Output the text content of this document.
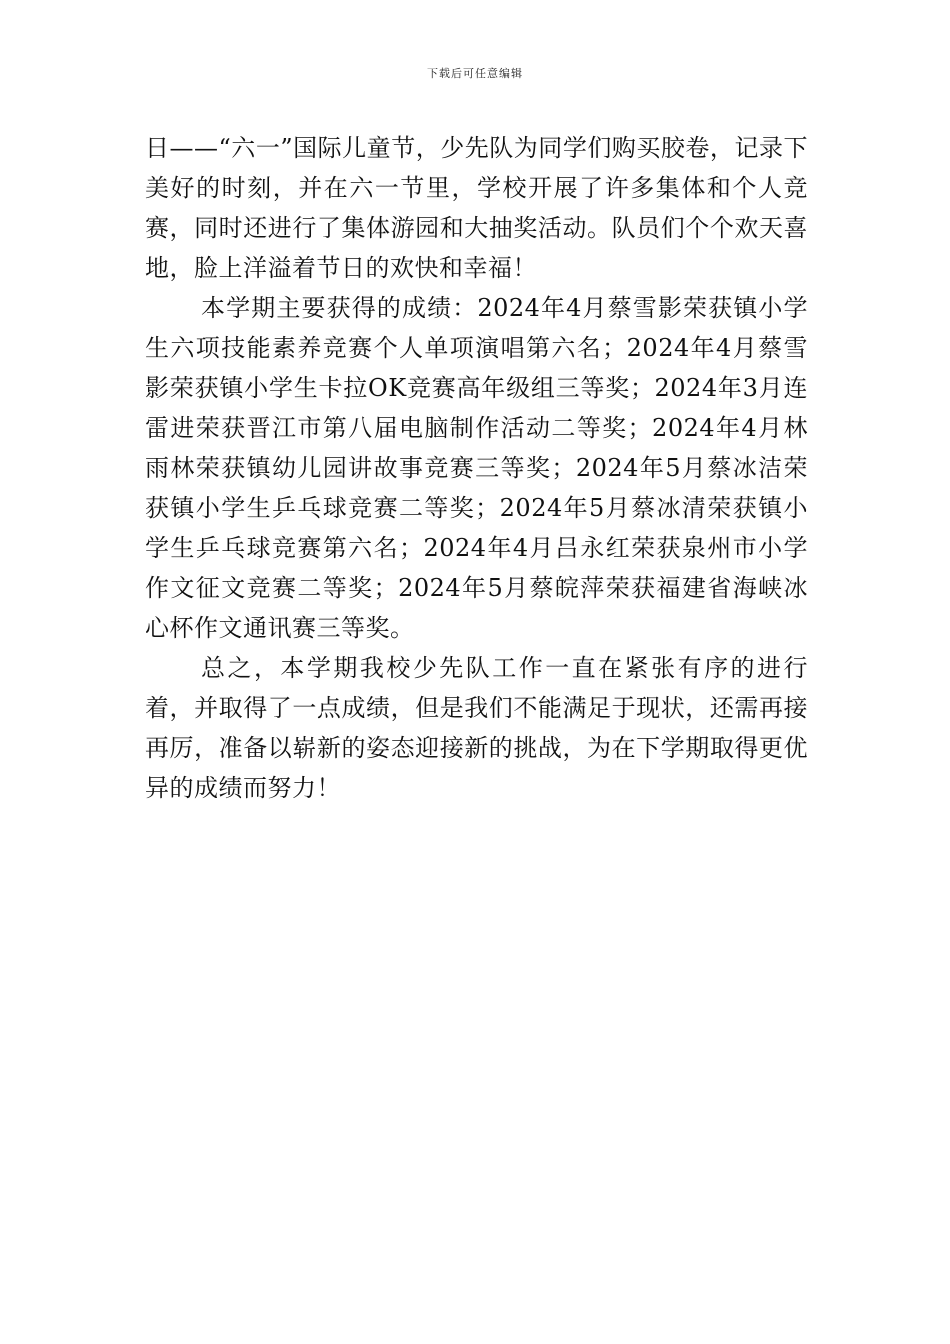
下载后可任意编辑

日——“六一”国际儿童节，少先队为同学们购买胶卷，记录下美好的时刻，并在六一节里，学校开展了许多集体和个人竞赛，同时还进行了集体游园和大抽奖活动。队员们个个欢天喜地，脸上洋溢着节日的欢快和幸福！

本学期主要获得的成绩：2024年4月蔡雪影荣获镇小学生六项技能素养竞赛个人单项演唱第六名；2024年4月蔡雪影荣获镇小学生卡拉OK竞赛高年级组三等奖；2024年3月连雷进荣获晋江市第八届电脑制作活动二等奖；2024年4月林雨林荣获镇幼儿园讲故事竞赛三等奖；2024年5月蔡冰洁荣获镇小学生乒乓球竞赛二等奖；2024年5月蔡冰清荣获镇小学生乒乓球竞赛第六名；2024年4月吕永红荣获泉州市小学作文征文竞赛二等奖；2024年5月蔡皖萍荣获福建省海峡冰心杯作文通讯赛三等奖。

总之，本学期我校少先队工作一直在紧张有序的进行着，并取得了一点成绩，但是我们不能满足于现状，还需再接再厉，准备以崭新的姿态迎接新的挑战，为在下学期取得更优异的成绩而努力！
